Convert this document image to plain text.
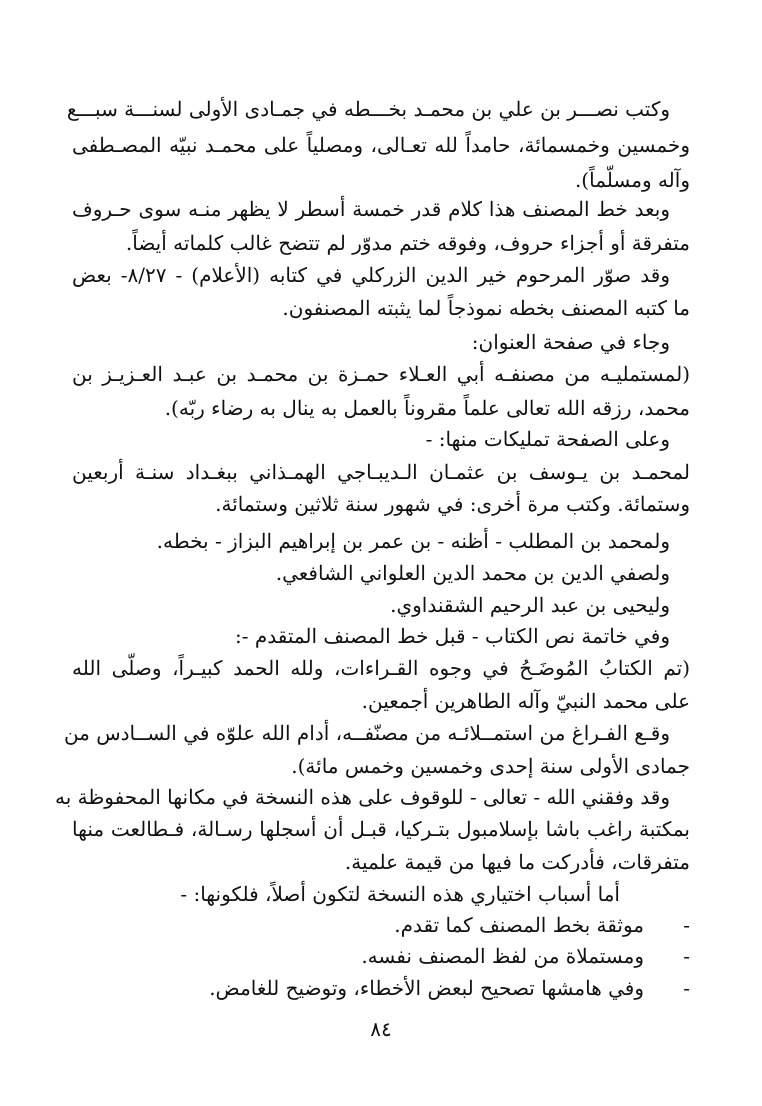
وكتب نصـــر بن علي بن محمـد بخـــطه في جمـادى الأولى لسنـــة سبـــع
وخمسين وخمسمائة، حامداً لله تعـالى، ومصلياً على محمـد نبيّه المصـطفى
وآله ومسلّماً).
وبعد خط المصنف هذا كلام قدر خمسة أسطر لا يظهر منـه سوى حـروف
متفرقة أو أجزاء حروف، وفوقه ختم مدوّر لم تتضح غالب كلماته أيضاً.
وقد صوّر المرحوم خير الدين الزركلي في كتابه (الأعلام) - ٨/٢٧- بعض
ما كتبه المصنف بخطه نموذجاً لما يثبته المصنفون.
وجاء في صفحة العنوان:
(لمستمليـه من مصنفـه أبي العـلاء حمـزة بن محمـد بن عبـد العـزيـز بن
محمد، رزقه الله تعالى علماً مقروناً بالعمل به ينال به رضاء ربّه).
وعلى الصفحة تمليكات منها: -
لمحمـد بن يـوسف بن عثمـان الـديبـاجي الهمـذاني ببغـداد سنـة أربعين
وستمائة. وكتب مرة أخرى: في شهور سنة ثلاثين وستمائة.
ولمحمد بن المطلب - أظنه - بن عمر بن إبراهيم البزاز - بخطه.
ولصفي الدين بن محمد الدين العلواني الشافعي.
وليحيى بن عبد الرحيم الشقنداوي.
وفي خاتمة نص الكتاب - قبل خط المصنف المتقدم -:
(تم الكتابُ المُوضَـحُ في وجوه القـراءات، ولله الحمد كبيـراً، وصلّى الله
على محمد النبيّ وآله الطاهرين أجمعين.
وقـع الفـراغ من استمــلائـه من مصنّفــه، أدام الله علوّه في الســادس من
جمادى الأولى سنة إحدى وخمسين وخمس مائة).
وقد وفقني الله - تعالى - للوقوف على هذه النسخة في مكانها المحفوظة به
بمكتبة راغب باشا بإسلامبول بتـركيا، قبـل أن أسجلها رسـالة، فـطالعت منها
متفرقات، فأدركت ما فيها من قيمة علمية.
أما أسباب اختياري هذه النسخة لتكون أصلاً، فلكونها: -
-
موثقة بخط المصنف كما تقدم.
-
ومستملاة من لفظ المصنف نفسه.
-
وفي هامشها تصحيح لبعض الأخطاء، وتوضيح للغامض.
٨٤
